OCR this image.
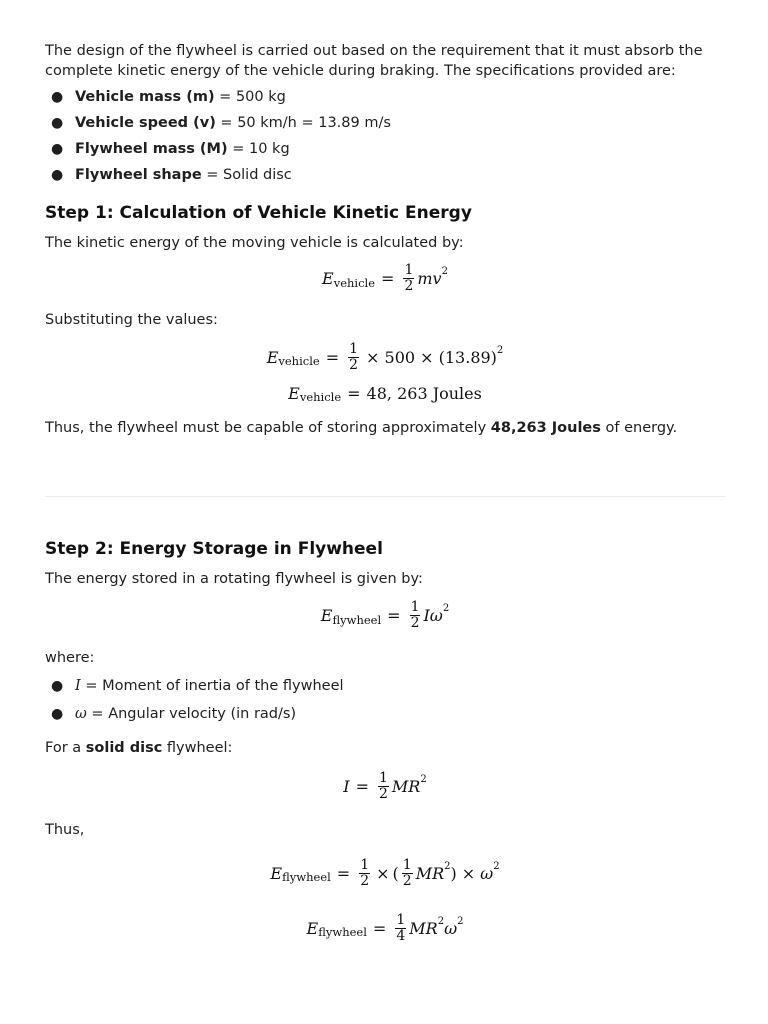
The design of the flywheel is carried out based on the requirement that it must absorb the complete kinetic energy of the vehicle during braking. The specifications provided are:

● Vehicle mass (m) = 500 kg
● Vehicle speed (v) = 50 km/h = 13.89 m/s
● Flywheel mass (M) = 10 kg
● Flywheel shape = Solid disc
Step 1: Calculation of Vehicle Kinetic Energy

The kinetic energy of the moving vehicle is calculated by:

E vehicle = $\frac{1}{2}$ mv 2

Substituting the values:

E vehicle = $\frac{1}{2} \times 500 \times (13.89)$ 2
E vehicle = 48, 263 Joules

Thus, the flywheel must be capable of storing approximately 48,263 Joules of energy.

Step 2: Energy Storage in Flywheel

The energy stored in a rotating flywheel is given by:

E flywheel = $\frac{1}{2}$ Iω 2

where:

● I = Moment of inertia of the flywheel
● ω = Angular velocity (in rad/s)

For a solid disc flywheel:

$I = \frac{1}{2}$ MR 2

Thus,

E flywheel = $\frac{1}{2}$ × ( $\frac{1}{2}$ MR 2 ) × ω 2
E flywheel = $\frac{1}{4}$ MR 2 ω 2
